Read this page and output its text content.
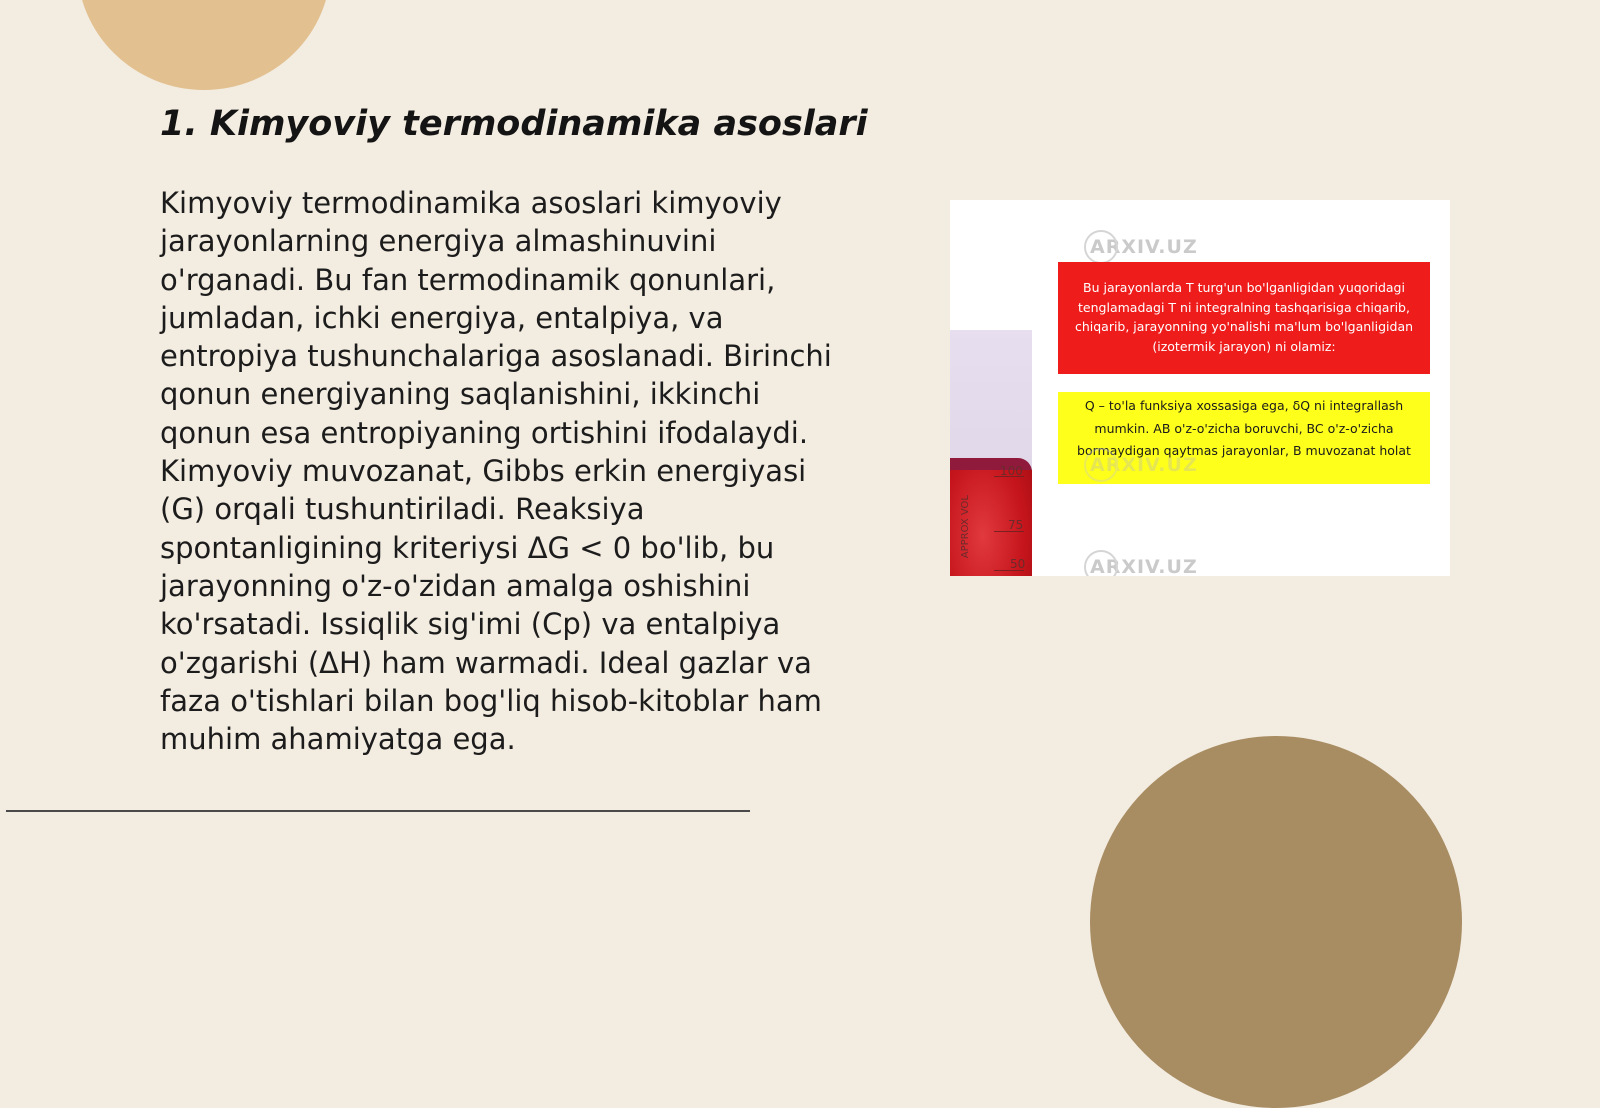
1. Kimyoviy termodinamika asoslari

Kimyoviy termodinamika asoslari kimyoviy jarayonlarning energiya almashinuvini o'rganadi. Bu fan termodinamik qonunlari, jumladan, ichki energiya, entalpiya, va entropiya tushunchalariga asoslanadi. Birinchi qonun energiyaning saqlanishini, ikkinchi qonun esa entropiyaning ortishini ifodalaydi. Kimyoviy muvozanat, Gibbs erkin energiyasi (G) orqali tushuntiriladi. Reaksiya spontanligining kriteriysi ΔG < 0 bo'lib, bu jarayonning o'z-o'zidan amalga oshishini ko'rsatadi. Issiqlik sig'imi (Cp) va entalpiya o'zgarishi (ΔH) ham warmadi. Ideal gazlar va faza o'tishlari bilan bog'liq hisob-kitoblar ham muhim ahamiyatga ega.

100
75
50
APPROX VOL
ARXIV.UZ
Bu jarayonlarda T turg'un bo'lganligidan yuqoridagi tenglamadagi T ni integralning tashqarisiga chiqarib, chiqarib, jarayonning yo'nalishi ma'lum bo'lganligidan (izotermik jarayon) ni olamiz:
Q – to'la funksiya xossasiga ega, δQ ni integrallash mumkin. AB o'z-o'zicha boruvchi, BC o'z-o'zicha bormaydigan qaytmas jarayonlar, B muvozanat holat
ARXIV.UZ
ARXIV.UZ
